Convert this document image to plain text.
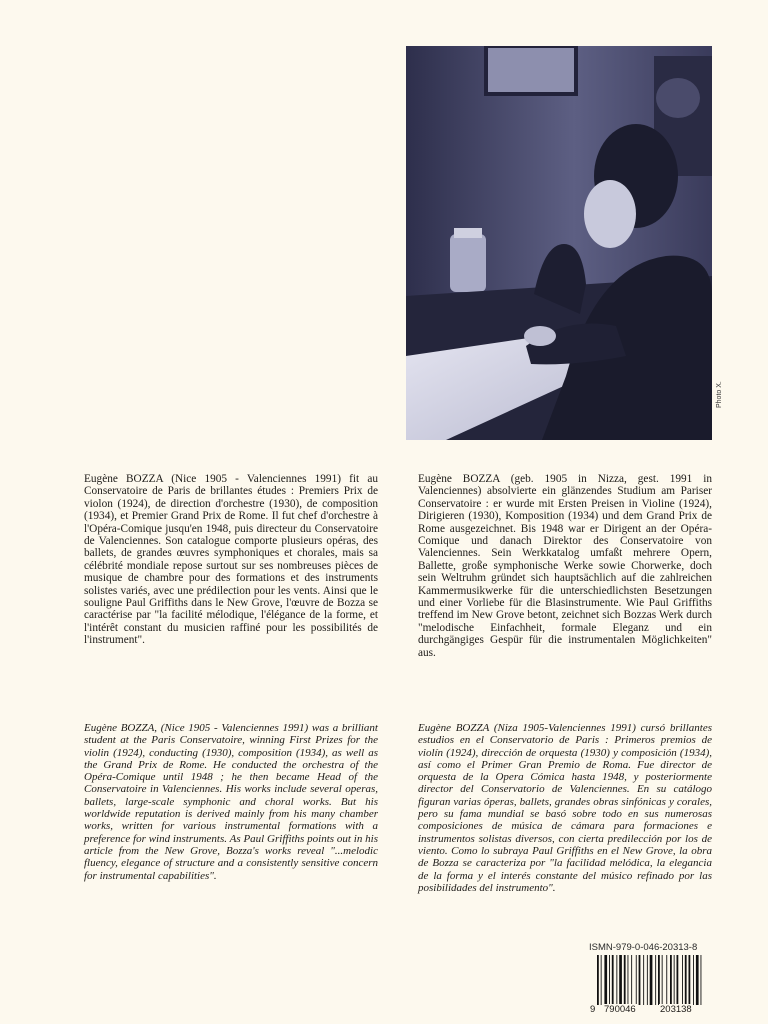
Photo X.

Eugène BOZZA (Nice 1905 - Valenciennes 1991) fit au Conservatoire de Paris de brillantes études : Premiers Prix de violon (1924), de direction d'orchestre (1930), de composition (1934), et Premier Grand Prix de Rome. Il fut chef d'orchestre à l'Opéra-Comique jusqu'en 1948, puis directeur du Conservatoire de Valenciennes. Son catalogue comporte plusieurs opéras, des ballets, de grandes œuvres symphoniques et chorales, mais sa célébrité mondiale repose surtout sur ses nombreuses pièces de musique de chambre pour des formations et des instruments solistes variés, avec une prédilection pour les vents. Ainsi que le souligne Paul Griffiths dans le New Grove, l'œuvre de Bozza se caractérise par "la facilité mélodique, l'élégance de la forme, et l'intérêt constant du musicien raffiné pour les possibilités de l'instrument".

Eugène BOZZA (geb. 1905 in Nizza, gest. 1991 in Valenciennes) absolvierte ein glänzendes Studium am Pariser Conservatoire : er wurde mit Ersten Preisen in Violine (1924), Dirigieren (1930), Komposition (1934) und dem Grand Prix de Rome ausgezeichnet. Bis 1948 war er Dirigent an der Opéra-Comique und danach Direktor des Conservatoire von Valenciennes. Sein Werkkatalog umfaßt mehrere Opern, Ballette, große symphonische Werke sowie Chorwerke, doch sein Weltruhm gründet sich hauptsächlich auf die zahlreichen Kammermusikwerke für die unterschiedlichsten Besetzungen und einer Vorliebe für die Blasinstrumente. Wie Paul Griffiths treffend im New Grove betont, zeichnet sich Bozzas Werk durch "melodische Einfachheit, formale Eleganz und ein durchgängiges Gespür für die instrumentalen Möglichkeiten" aus.

Eugène BOZZA, (Nice 1905 - Valenciennes 1991) was a brilliant student at the Paris Conservatoire, winning First Prizes for the violin (1924), conducting (1930), composition (1934), as well as the Grand Prix de Rome. He conducted the orchestra of the Opéra-Comique until 1948 ; he then became Head of the Conservatoire in Valenciennes. His works include several operas, ballets, large-scale symphonic and choral works. But his worldwide reputation is derived mainly from his many chamber works, written for various instrumental formations with a preference for wind instruments. As Paul Griffiths points out in his article from the New Grove, Bozza's works reveal "...melodic fluency, elegance of structure and a consistently sensitive concern for instrumental capabilities".

Eugène BOZZA (Niza 1905-Valenciennes 1991) cursó brillantes estudios en el Conservatorio de Paris : Primeros premios de violín (1924), dirección de orquesta (1930) y composición (1934), así como el Primer Gran Premio de Roma. Fue director de orquesta de la Opera Cómica hasta 1948, y posteriormente director del Conservatorio de Valenciennes. En su catálogo figuran varias óperas, ballets, grandes obras sinfónicas y corales, pero su fama mundial se basó sobre todo en sus numerosas composiciones de música de cámara para formaciones e instrumentos solistas diversos, con cierta predilección por los de viento. Como lo subraya Paul Griffiths en el New Grove, la obra de Bozza se caracteriza por "la facilidad melódica, la elegancia de la forma y el interés constante del músico refinado por las posibilidades del instrumento".

ISMN-979-0-046-20313-8
9 790046	203138
